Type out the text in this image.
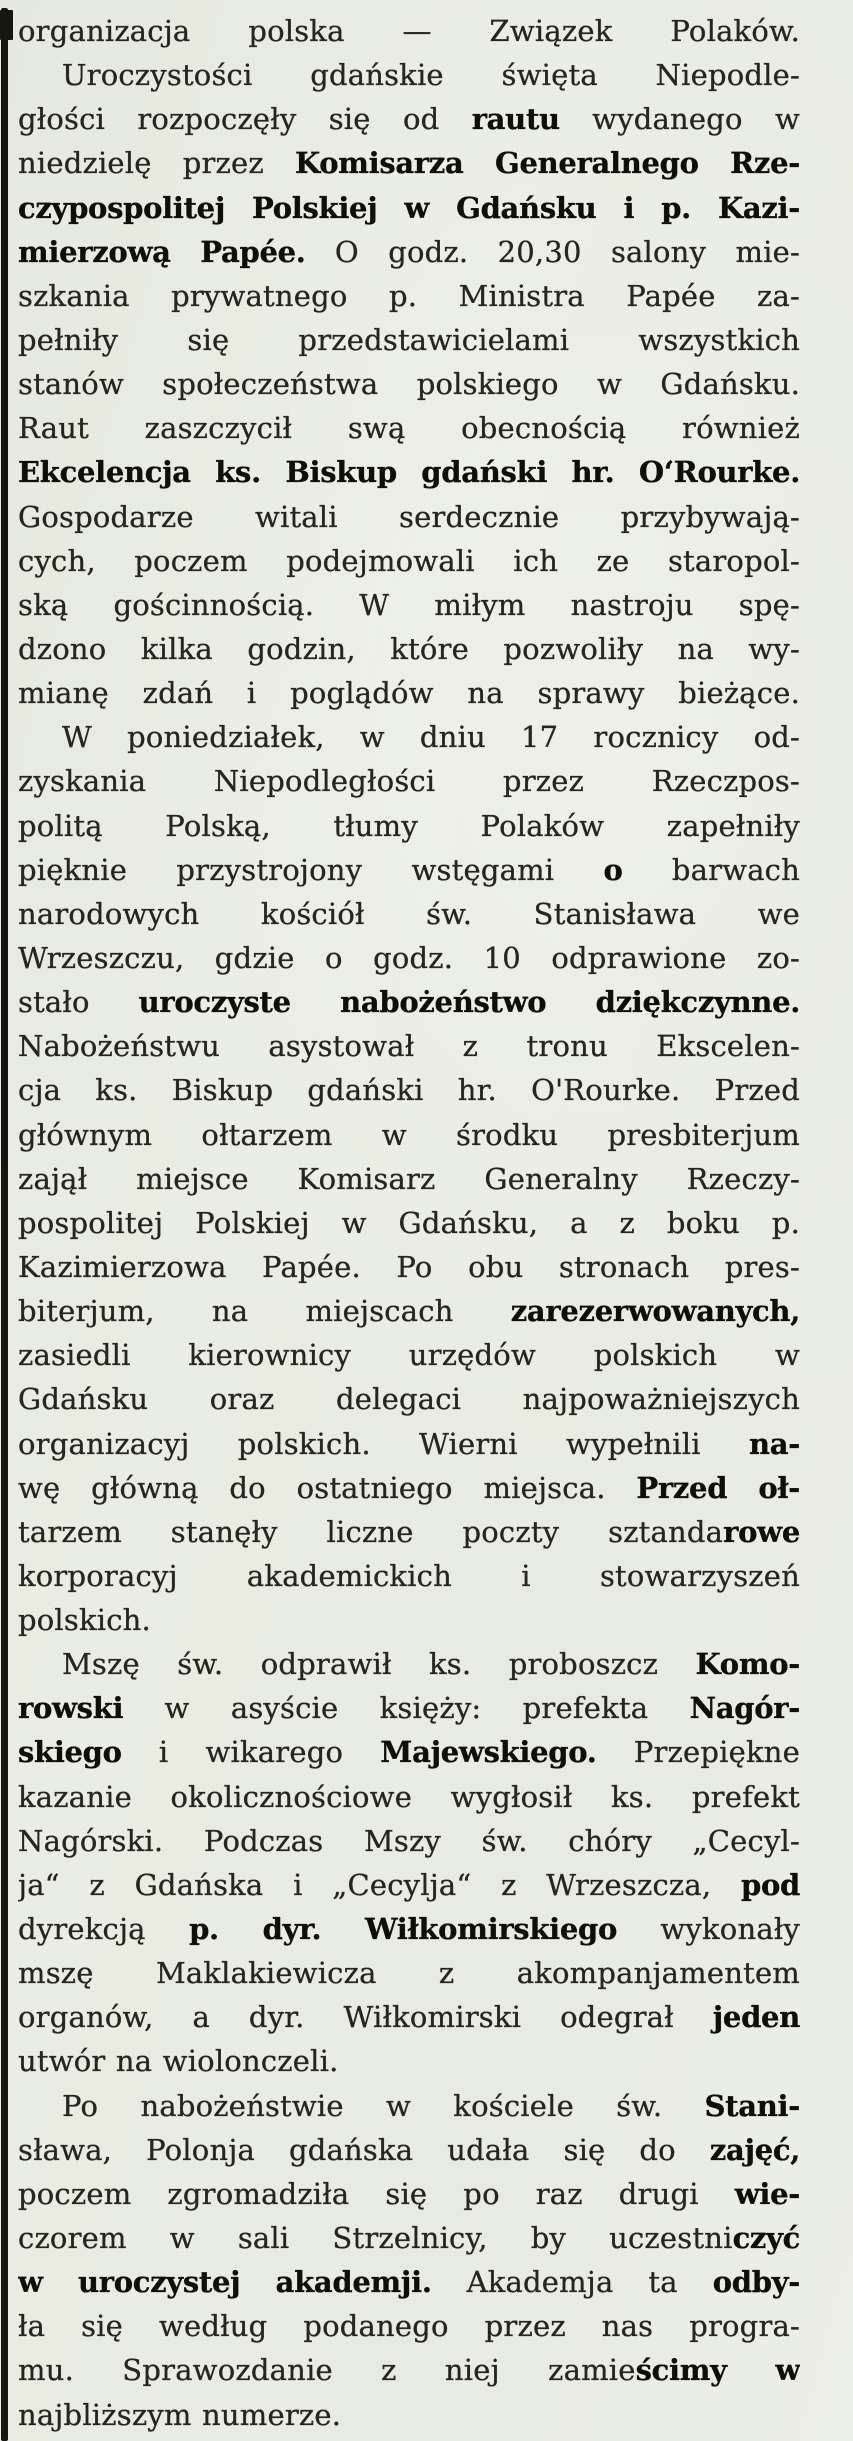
organizacja polska — Związek Polaków.
Uroczystości gdańskie święta Niepodle-
głości rozpoczęły się od rautu wydanego w
niedzielę przez Komisarza Generalnego Rze-
czypospolitej Polskiej w Gdańsku i p. Kazi-
mierzową Papée. O godz. 20,30 salony mie-
szkania prywatnego p. Ministra Papée za-
pełniły się przedstawicielami wszystkich
stanów społeczeństwa polskiego w Gdańsku.
Raut zaszczycił swą obecnością również
Ekcelencja ks. Biskup gdański hr. O‘Rourke.
Gospodarze witali serdecznie przybywają-
cych, poczem podejmowali ich ze staropol-
ską gościnnością. W miłym nastroju spę-
dzono kilka godzin, które pozwoliły na wy-
mianę zdań i poglądów na sprawy bieżące.
W poniedziałek, w dniu 17 rocznicy od-
zyskania Niepodległości przez Rzeczpos-
politą Polską, tłumy Polaków zapełniły
pięknie przystrojony wstęgami o barwach
narodowych kościół św. Stanisława we
Wrzeszczu, gdzie o godz. 10 odprawione zo-
stało uroczyste nabożeństwo dziękczynne.
Nabożeństwu asystował z tronu Ekscelen-
cja ks. Biskup gdański hr. O'Rourke. Przed
głównym ołtarzem w środku presbiterjum
zajął miejsce Komisarz Generalny Rzeczy-
pospolitej Polskiej w Gdańsku, a z boku p.
Kazimierzowa Papée. Po obu stronach pres-
biterjum, na miejscach zarezerwowanych,
zasiedli kierownicy urzędów polskich w
Gdańsku oraz delegaci najpoważniejszych
organizacyj polskich. Wierni wypełnili na-
wę główną do ostatniego miejsca. Przed oł-
tarzem stanęły liczne poczty sztandarowe
korporacyj akademickich i stowarzyszeń
polskich.
Mszę św. odprawił ks. proboszcz Komo-
rowski w asyście księży: prefekta Nagór-
skiego i wikarego Majewskiego. Przepiękne
kazanie okolicznościowe wygłosił ks. prefekt
Nagórski. Podczas Mszy św. chóry „Cecyl-
ja“ z Gdańska i „Cecylja“ z Wrzeszcza, pod
dyrekcją p. dyr. Wiłkomirskiego wykonały
mszę Maklakiewicza z akompanjamentem
organów, a dyr. Wiłkomirski odegrał jeden
utwór na wiolonczeli.
Po nabożeństwie w kościele św. Stani-
sława, Polonja gdańska udała się do zajęć,
poczem zgromadziła się po raz drugi wie-
czorem w sali Strzelnicy, by uczestniczyć
w uroczystej akademji. Akademja ta odby-
ła się według podanego przez nas progra-
mu. Sprawozdanie z niej zamieścimy w
najbliższym numerze.
